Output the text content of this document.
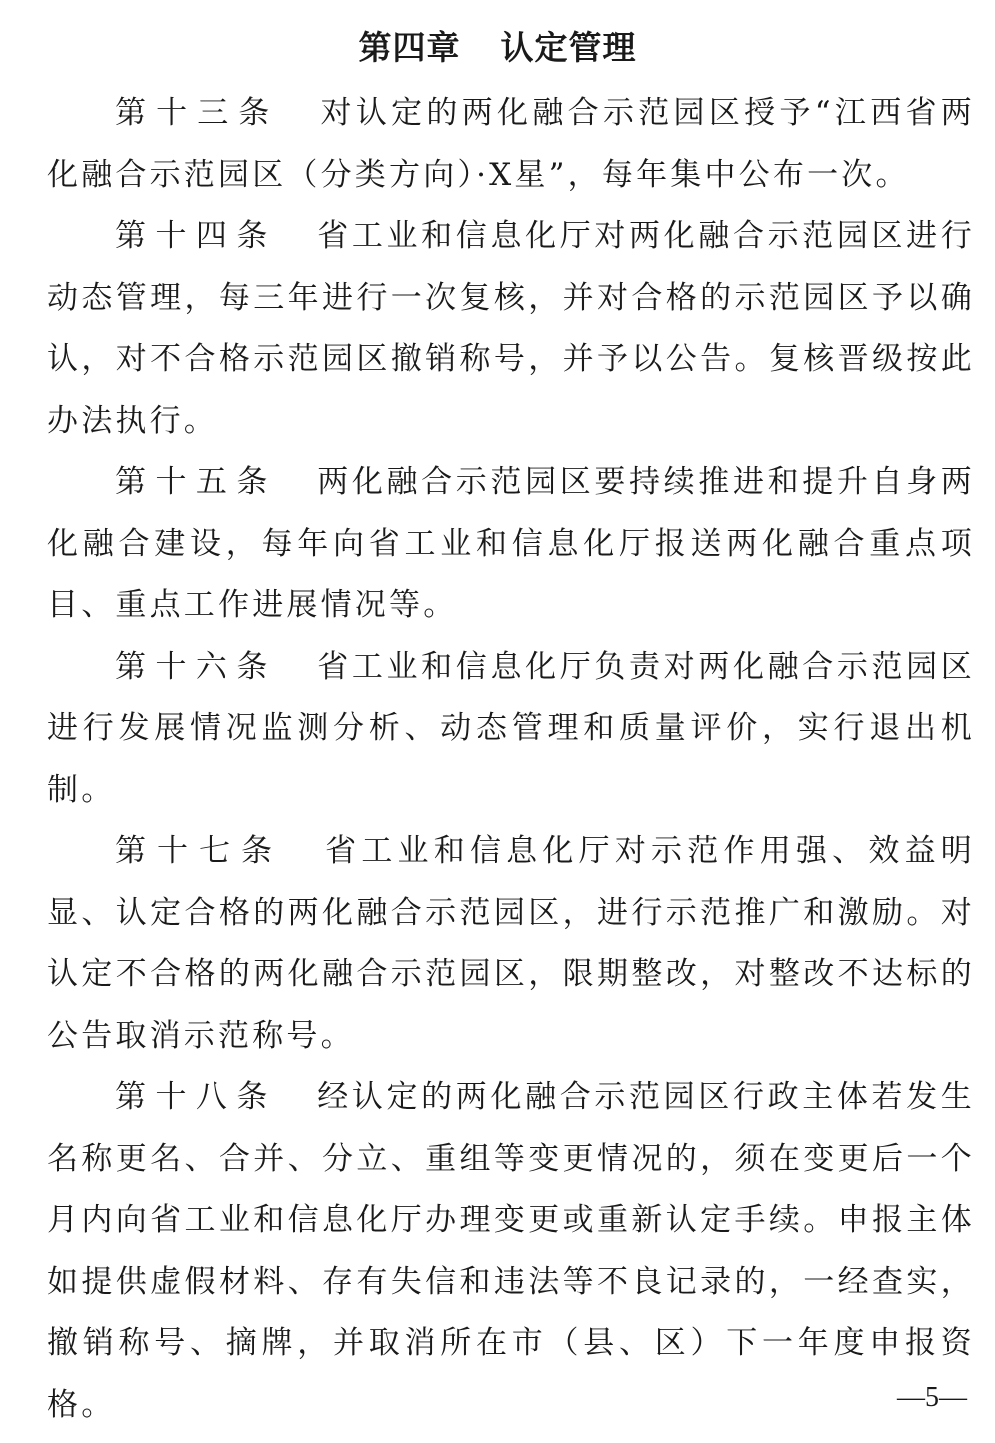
第四章 认定管理

第十三条 对认定的两化融合示范园区授予“江西省两化融合示范园区（分类方向）·X星”，每年集中公布一次。

第十四条 省工业和信息化厅对两化融合示范园区进行动态管理，每三年进行一次复核，并对合格的示范园区予以确认，对不合格示范园区撤销称号，并予以公告。复核晋级按此办法执行。

第十五条 两化融合示范园区要持续推进和提升自身两化融合建设，每年向省工业和信息化厅报送两化融合重点项目、重点工作进展情况等。

第十六条 省工业和信息化厅负责对两化融合示范园区进行发展情况监测分析、动态管理和质量评价，实行退出机制。

第十七条 省工业和信息化厅对示范作用强、效益明显、认定合格的两化融合示范园区，进行示范推广和激励。对认定不合格的两化融合示范园区，限期整改，对整改不达标的公告取消示范称号。

第十八条 经认定的两化融合示范园区行政主体若发生名称更名、合并、分立、重组等变更情况的，须在变更后一个月内向省工业和信息化厅办理变更或重新认定手续。申报主体如提供虚假材料、存有失信和违法等不良记录的，一经查实，撤销称号、摘牌，并取消所在市（县、区）下一年度申报资格。	—5—
